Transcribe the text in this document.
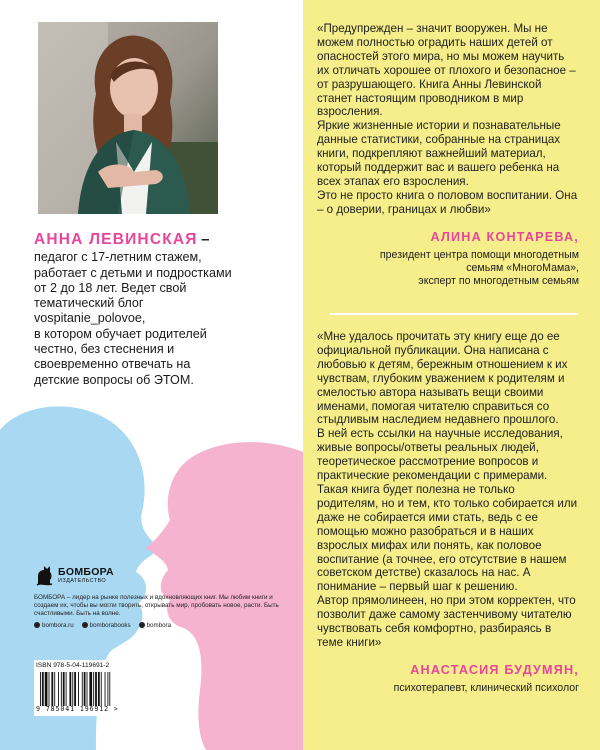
АННА ЛЕВИНСКАЯ –
педагог с 17-летним стажем,
работает с детьми и подростками
от 2 до 18 лет. Ведет свой
тематический блог
vospitanie_polovoe,
в котором обучает родителей
честно, без стеснения и
своевременно отвечать на
детские вопросы об ЭТОМ.
БОМБОРА
ИЗДАТЕЛЬСТВО
БОМБОРА – лидер на рынке полезных и вдохновляющих книг. Мы любим книги и создаем их, чтобы вы могли творить, открывать мир, пробовать новое, расти. Быть счастливыми. Быть на волне.
bombora.ru	bomborabooks	bombora
ISBN 978-5-04-119691-2
9 785041 196912 >

«Предупрежден – значит вооружен. Мы не можем полностью оградить наших детей от опасностей этого мира, но мы можем научить их отличать хорошее от плохого и безопасное – от разрушающего. Книга Анны Левинской станет настоящим проводником в мир взросления.

Яркие жизненные истории и познавательные данные статистики, собранные на страницах книги, подкрепляют важнейший материал, который поддержит вас и вашего ребенка на всех этапах его взросления.

Это не просто книга о половом воспитании. Она – о доверии, границах и любви»

АЛИНА КОНТАРЕВА,
президент центра помощи многодетным
семьям «МногоМама»,
эксперт по многодетным семьям

«Мне удалось прочитать эту книгу еще до ее официальной публикации. Она написана с любовью к детям, бережным отношением к их чувствам, глубоким уважением к родителям и смелостью автора называть вещи своими именами, помогая читателю справиться со стыдливым наследием недавнего прошлого.

В ней есть ссылки на научные исследования, живые вопросы/ответы реальных людей, теоретическое рассмотрение вопросов и практические рекомендации с примерами.

Такая книга будет полезна не только родителям, но и тем, кто только собирается или даже не собирается ими стать, ведь с ее помощью можно разобраться и в наших взрослых мифах или понять, как половое воспитание (а точнее, его отсутствие в нашем советском детстве) сказалось на нас. А понимание – первый шаг к решению.

Автор прямолинеен, но при этом корректен, что позволит даже самому застенчивому читателю чувствовать себя комфортно, разбираясь в теме книги»

АНАСТАСИЯ БУДУМЯН,
психотерапевт, клинический психолог
